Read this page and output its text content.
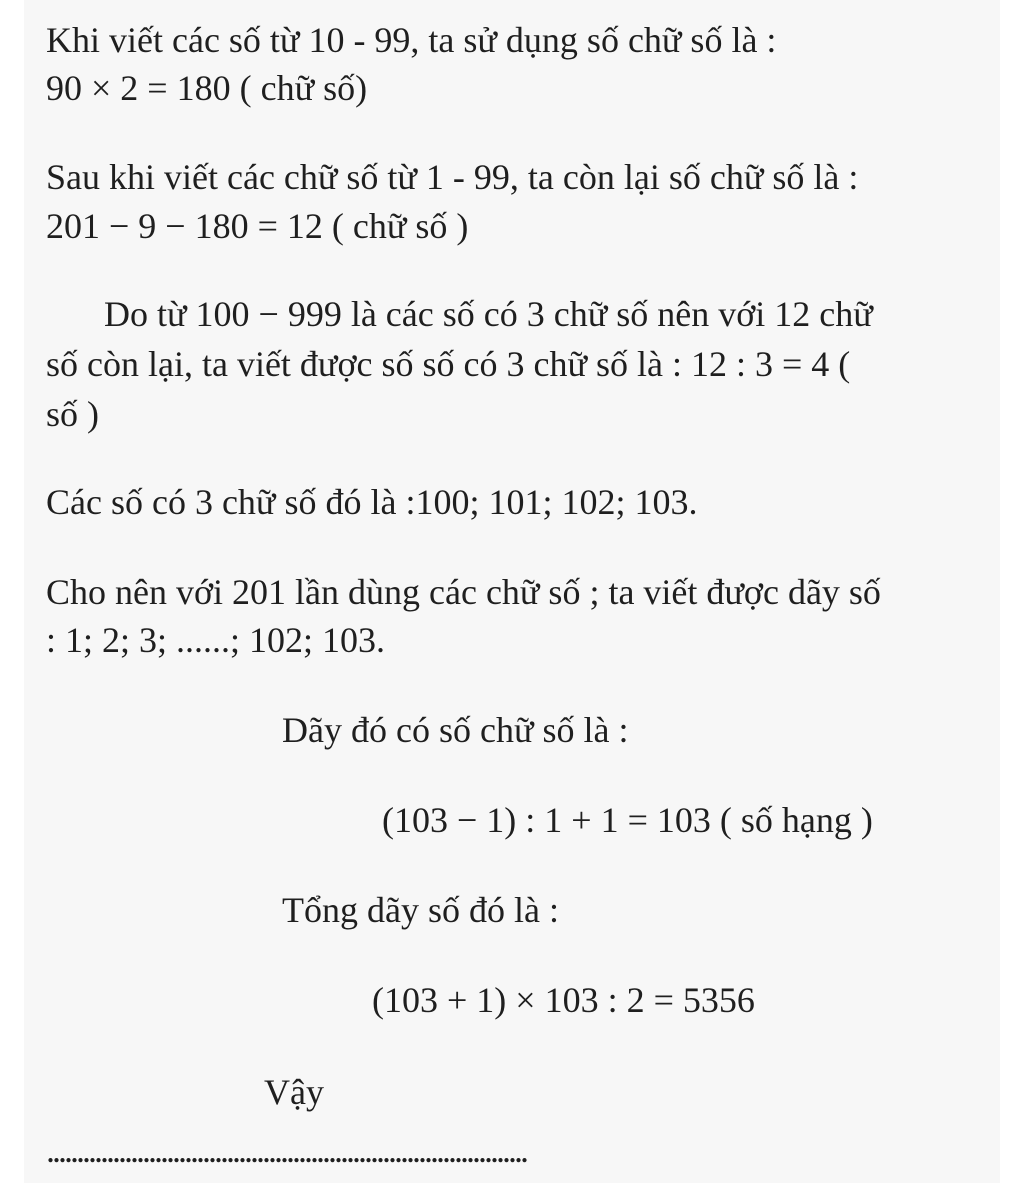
Khi viết các số từ 10 - 99, ta sử dụng số chữ số là :
90 × 2 = 180 ( chữ số)
Sau khi viết các chữ số từ 1 - 99, ta còn lại số chữ số là :
201 − 9 − 180 = 12 ( chữ số )
Do từ 100 − 999 là các số có 3 chữ số nên với 12 chữ
số còn lại, ta viết được số số có 3 chữ số là : 12 : 3 = 4 (
số )
Các số có 3 chữ số đó là :100; 101; 102; 103.
Cho nên với 201 lần dùng các chữ số ; ta viết được dãy số
: 1; 2; 3; ......; 102; 103.
Dãy đó có số chữ số là :
(103 − 1) : 1 + 1 = 103 ( số hạng )
Tổng dãy số đó là :
(103 + 1) × 103 : 2 = 5356
Vậy
................................................................................
